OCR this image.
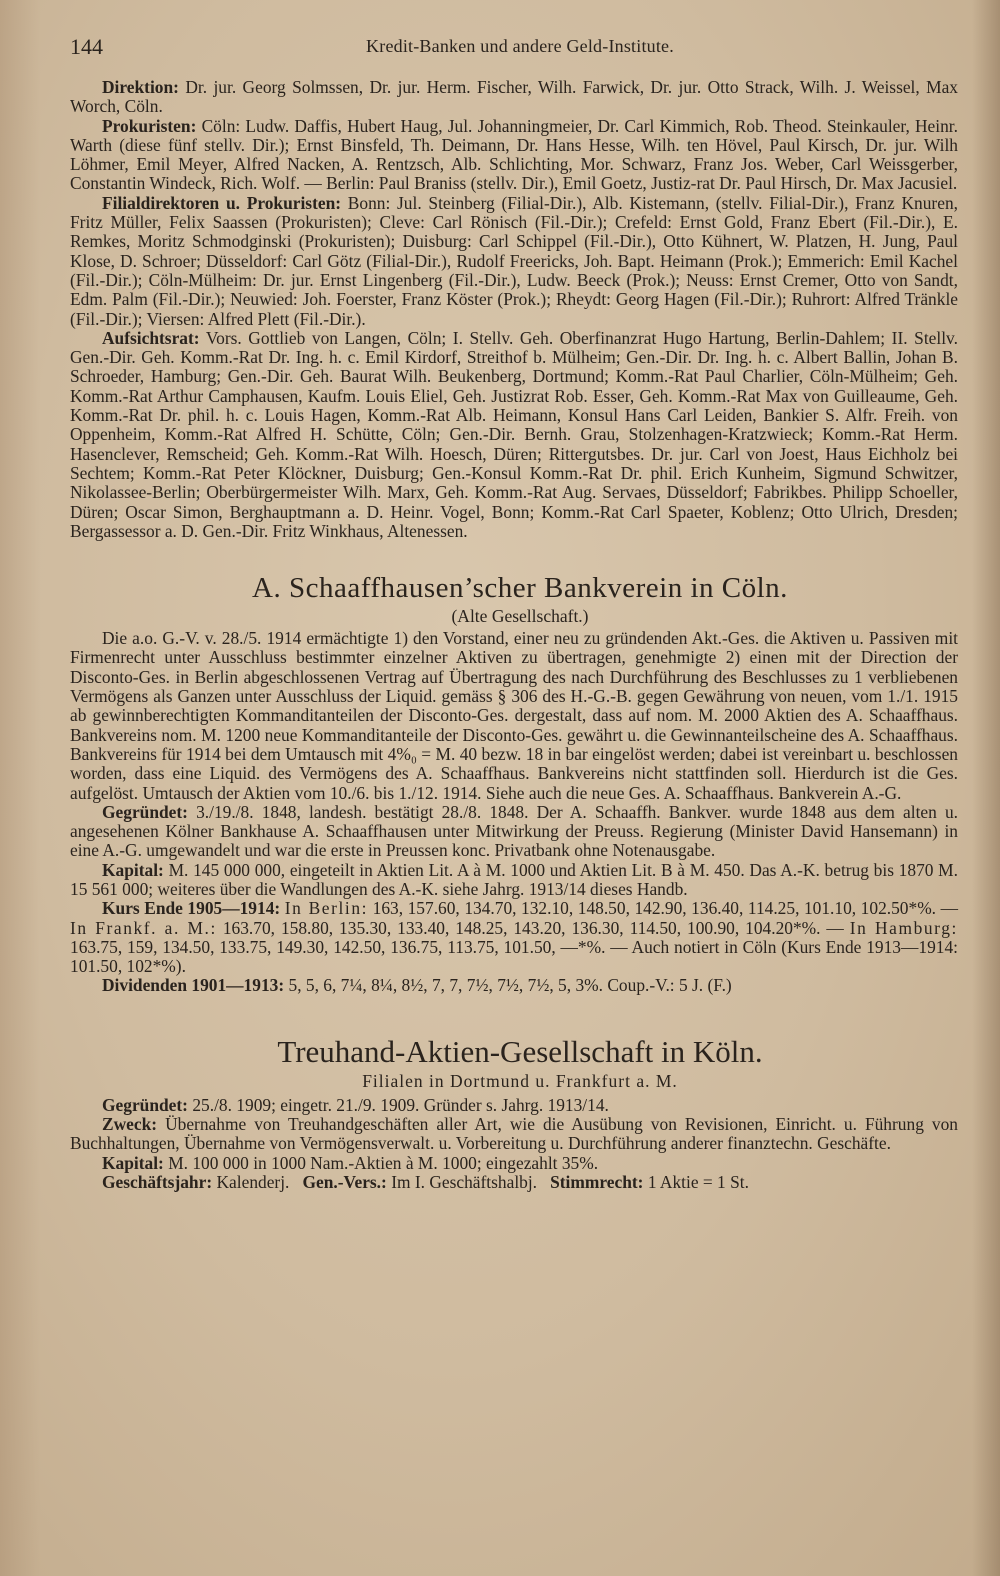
144	Kredit-Banken und andere Geld-Institute.

Direktion: Dr. jur. Georg Solmssen, Dr. jur. Herm. Fischer, Wilh. Farwick, Dr. jur. Otto Strack, Wilh. J. Weissel, Max Worch, Cöln.

Prokuristen: Cöln: Ludw. Daffis, Hubert Haug, Jul. Johanningmeier, Dr. Carl Kimmich, Rob. Theod. Steinkauler, Heinr. Warth (diese fünf stellv. Dir.); Ernst Binsfeld, Th. Deimann, Dr. Hans Hesse, Wilh. ten Hövel, Paul Kirsch, Dr. jur. Wilh Löhmer, Emil Meyer, Alfred Nacken, A. Rentzsch, Alb. Schlichting, Mor. Schwarz, Franz Jos. Weber, Carl Weissgerber, Constantin Windeck, Rich. Wolf. — Berlin: Paul Braniss (stellv. Dir.), Emil Goetz, Justiz-rat Dr. Paul Hirsch, Dr. Max Jacusiel.

Filialdirektoren u. Prokuristen: Bonn: Jul. Steinberg (Filial-Dir.), Alb. Kistemann, (stellv. Filial-Dir.), Franz Knuren, Fritz Müller, Felix Saassen (Prokuristen); Cleve: Carl Rönisch (Fil.-Dir.); Crefeld: Ernst Gold, Franz Ebert (Fil.-Dir.), E. Remkes, Moritz Schmodginski (Prokuristen); Duisburg: Carl Schippel (Fil.-Dir.), Otto Kühnert, W. Platzen, H. Jung, Paul Klose, D. Schroer; Düsseldorf: Carl Götz (Filial-Dir.), Rudolf Freericks, Joh. Bapt. Heimann (Prok.); Emmerich: Emil Kachel (Fil.-Dir.); Cöln-Mülheim: Dr. jur. Ernst Lingenberg (Fil.-Dir.), Ludw. Beeck (Prok.); Neuss: Ernst Cremer, Otto von Sandt, Edm. Palm (Fil.-Dir.); Neuwied: Joh. Foerster, Franz Köster (Prok.); Rheydt: Georg Hagen (Fil.-Dir.); Ruhrort: Alfred Tränkle (Fil.-Dir.); Viersen: Alfred Plett (Fil.-Dir.).

Aufsichtsrat: Vors. Gottlieb von Langen, Cöln; I. Stellv. Geh. Oberfinanzrat Hugo Hartung, Berlin-Dahlem; II. Stellv. Gen.-Dir. Geh. Komm.-Rat Dr. Ing. h. c. Emil Kirdorf, Streithof b. Mülheim; Gen.-Dir. Dr. Ing. h. c. Albert Ballin, Johan B. Schroeder, Hamburg; Gen.-Dir. Geh. Baurat Wilh. Beukenberg, Dortmund; Komm.-Rat Paul Charlier, Cöln-Mülheim; Geh. Komm.-Rat Arthur Camphausen, Kaufm. Louis Eliel, Geh. Justizrat Rob. Esser, Geh. Komm.-Rat Max von Guilleaume, Geh. Komm.-Rat Dr. phil. h. c. Louis Hagen, Komm.-Rat Alb. Heimann, Konsul Hans Carl Leiden, Bankier S. Alfr. Freih. von Oppenheim, Komm.-Rat Alfred H. Schütte, Cöln; Gen.-Dir. Bernh. Grau, Stolzenhagen-Kratzwieck; Komm.-Rat Herm. Hasenclever, Remscheid; Geh. Komm.-Rat Wilh. Hoesch, Düren; Rittergutsbes. Dr. jur. Carl von Joest, Haus Eichholz bei Sechtem; Komm.-Rat Peter Klöckner, Duisburg; Gen.-Konsul Komm.-Rat Dr. phil. Erich Kunheim, Sigmund Schwitzer, Nikolassee-Berlin; Oberbürgermeister Wilh. Marx, Geh. Komm.-Rat Aug. Servaes, Düsseldorf; Fabrikbes. Philipp Schoeller, Düren; Oscar Simon, Berghauptmann a. D. Heinr. Vogel, Bonn; Komm.-Rat Carl Spaeter, Koblenz; Otto Ulrich, Dresden; Bergassessor a. D. Gen.-Dir. Fritz Winkhaus, Altenessen.

A. Schaaffhausen’scher Bankverein in Cöln.
(Alte Gesellschaft.)

Die a.o. G.-V. v. 28./5. 1914 ermächtigte 1) den Vorstand, einer neu zu gründenden Akt.-Ges. die Aktiven u. Passiven mit Firmenrecht unter Ausschluss bestimmter einzelner Aktiven zu übertragen, genehmigte 2) einen mit der Direction der Disconto-Ges. in Berlin abgeschlossenen Vertrag auf Übertragung des nach Durchführung des Beschlusses zu 1 verbliebenen Vermögens als Ganzen unter Ausschluss der Liquid. gemäss § 306 des H.-G.-B. gegen Gewährung von neuen, vom 1./1. 1915 ab gewinnberechtigten Kommanditanteilen der Disconto-Ges. dergestalt, dass auf nom. M. 2000 Aktien des A. Schaaffhaus. Bankvereins nom. M. 1200 neue Kommanditanteile der Disconto-Ges. gewährt u. die Gewinnanteilscheine des A. Schaaffhaus. Bankvereins für 1914 bei dem Umtausch mit 4%₀ = M. 40 bezw. 18 in bar eingelöst werden; dabei ist vereinbart u. beschlossen worden, dass eine Liquid. des Vermögens des A. Schaaffhaus. Bankvereins nicht stattfinden soll. Hierdurch ist die Ges. aufgelöst. Umtausch der Aktien vom 10./6. bis 1./12. 1914. Siehe auch die neue Ges. A. Schaaffhaus. Bankverein A.-G.

Gegründet: 3./19./8. 1848, landesh. bestätigt 28./8. 1848. Der A. Schaaffh. Bankver. wurde 1848 aus dem alten u. angesehenen Kölner Bankhause A. Schaaffhausen unter Mitwirkung der Preuss. Regierung (Minister David Hansemann) in eine A.-G. umgewandelt und war die erste in Preussen konc. Privatbank ohne Notenausgabe.

Kapital: M. 145 000 000, eingeteilt in Aktien Lit. A à M. 1000 und Aktien Lit. B à M. 450. Das A.-K. betrug bis 1870 M. 15 561 000; weiteres über die Wandlungen des A.-K. siehe Jahrg. 1913/14 dieses Handb.

Kurs Ende 1905—1914: In Berlin: 163, 157.60, 134.70, 132.10, 148.50, 142.90, 136.40, 114.25, 101.10, 102.50*%. — In Frankf. a. M.: 163.70, 158.80, 135.30, 133.40, 148.25, 143.20, 136.30, 114.50, 100.90, 104.20*%. — In Hamburg: 163.75, 159, 134.50, 133.75, 149.30, 142.50, 136.75, 113.75, 101.50, —*%. — Auch notiert in Cöln (Kurs Ende 1913—1914: 101.50, 102*%).

Dividenden 1901—1913: 5, 5, 6, 7¼, 8¼, 8½, 7, 7, 7½, 7½, 7½, 5, 3%. Coup.-V.: 5 J. (F.)

Treuhand-Aktien-Gesellschaft in Köln.
Filialen in Dortmund u. Frankfurt a. M.

Gegründet: 25./8. 1909; eingetr. 21./9. 1909. Gründer s. Jahrg. 1913/14.

Zweck: Übernahme von Treuhandgeschäften aller Art, wie die Ausübung von Revisionen, Einricht. u. Führung von Buchhaltungen, Übernahme von Vermögensverwalt. u. Vorbereitung u. Durchführung anderer finanztechn. Geschäfte.

Kapital: M. 100 000 in 1000 Nam.-Aktien à M. 1000; eingezahlt 35%.

Geschäftsjahr: Kalenderj. Gen.-Vers.: Im I. Geschäftshalbj. Stimmrecht: 1 Aktie = 1 St.
